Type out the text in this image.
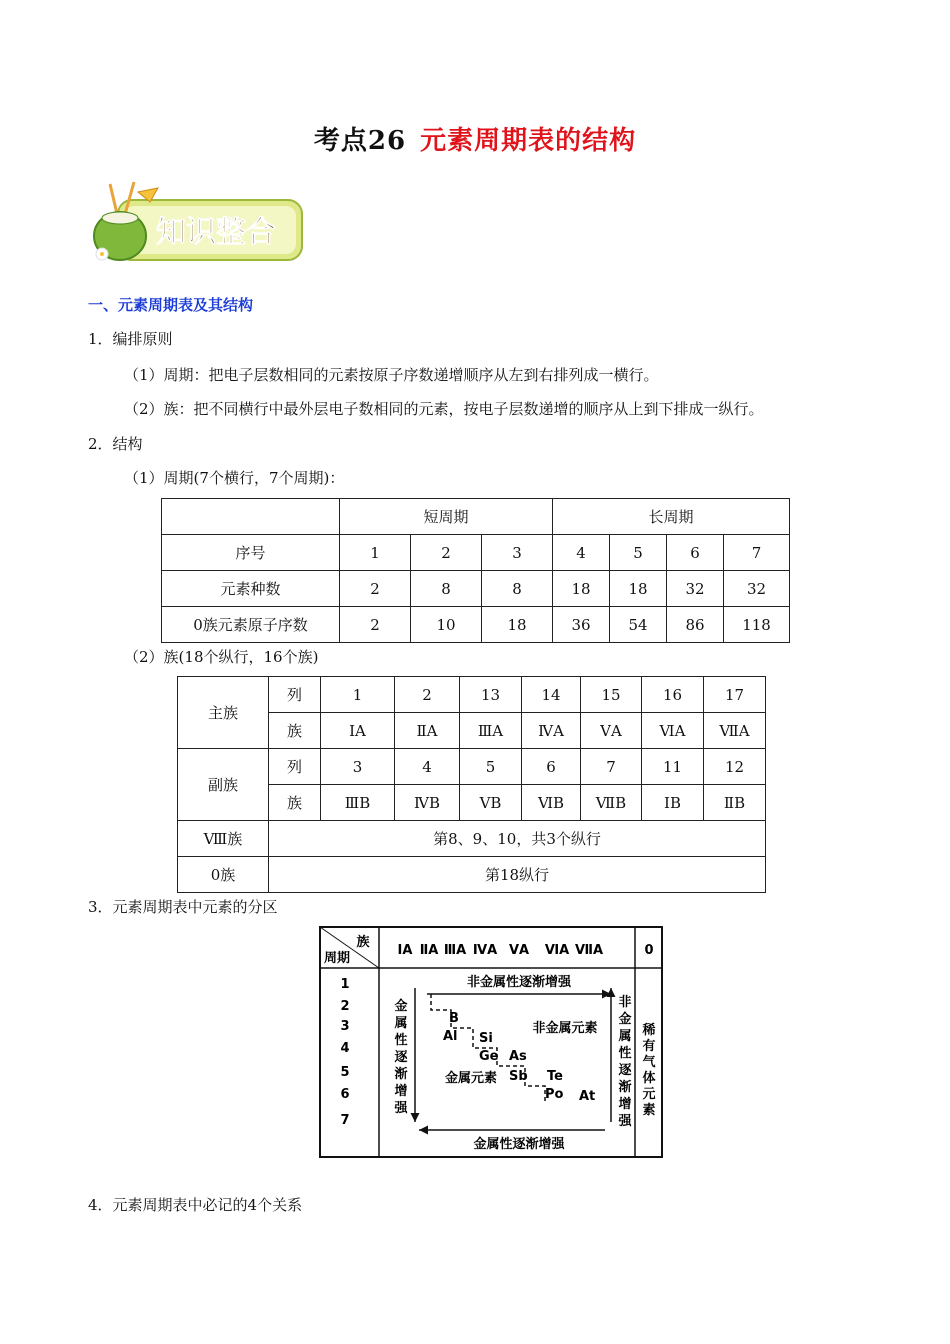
考点26 元素周期表的结构
知识整合
一、元素周期表及其结构
1．编排原则
（1）周期：把电子层数相同的元素按原子序数递增顺序从左到右排列成一横行。
（2）族：把不同横行中最外层电子数相同的元素，按电子层数递增的顺序从上到下排成一纵行。
2．结构
（1）周期(7个横行，7个周期)：
	短周期			长周期			
序号	1	2	3	4	5	6	7
元素种数	2	8	8	18	18	32	32
0族元素原子序数	2	10	18	36	54	86	118
（2）族(18个纵行，16个族)
主族	列	1	2	13	14	15	16	17
	族	ⅠA	ⅡA	ⅢA	ⅣA	ⅤA	ⅥA	ⅦA
副族	列	3	4	5	6	7	11	12
	族	ⅢB	ⅣB	ⅤB	ⅥB	ⅦB	ⅠB	ⅡB
Ⅷ族	第8、9、10，共3个纵行							
0族	第18纵行							
3．元素周期表中元素的分区
族
周期
ⅠA ⅡA ⅢA ⅣA ⅤA ⅥA ⅦA	0
1
2
3
4
5
6
7
非金属性逐渐增强
金属性逐渐增强
金
属
性
逐
渐
增
强
非
金
属
性
逐
渐
增
强
稀
有
气
体
元
素
B
Al Si
Ge As
Sb Te
Po At
非金属元素
金属元素
4．元素周期表中必记的4个关系
